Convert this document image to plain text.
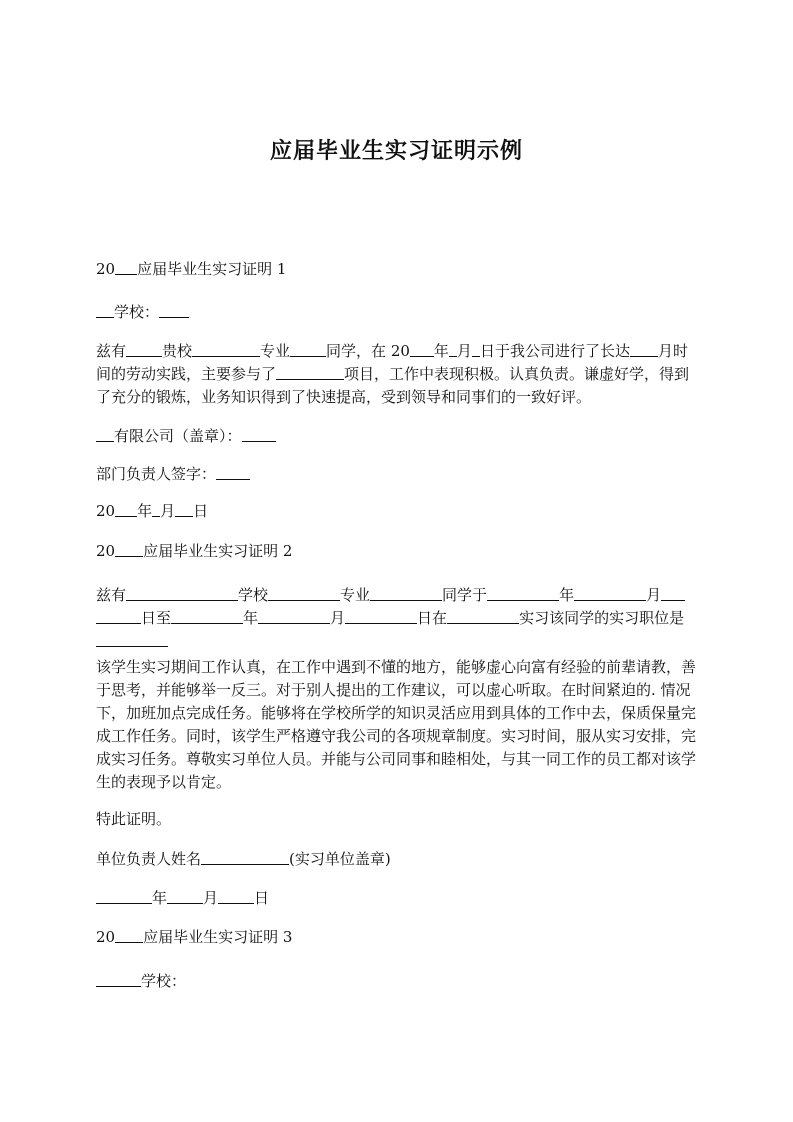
应届毕业生实习证明示例
20 应届毕业生实习证明 1
学校：
兹有 贵校	专业 同学，在 20 年 月 日于我公司进行了长达 月时间的劳动实践，主要参与了	项目，工作中表现积极。认真负责。谦虚好学，得到了充分的锻炼，业务知识得到了快速提高，受到领导和同事们的一致好评。
有限公司（盖章）：
部门负责人签字：
20 年 月 日
20 应届毕业生实习证明 2
兹有	学校	专业	同学于	年	月日至	年	月	日在	实习该同学的实习职位是
该学生实习期间工作认真，在工作中遇到不懂的地方，能够虚心向富有经验的前辈请教，善于思考，并能够举一反三。对于别人提出的工作建议，可以虚心听取。在时间紧迫的. 情况下，加班加点完成任务。能够将在学校所学的知识灵活应用到具体的工作中去，保质保量完成工作任务。同时，该学生严格遵守我公司的各项规章制度。实习时间，服从实习安排，完成实习任务。尊敬实习单位人员。并能与公司同事和睦相处，与其一同工作的员工都对该学生的表现予以肯定。
特此证明。
单位负责人姓名	(实习单位盖章)
年 月 日
20 应届毕业生实习证明 3
学校：
